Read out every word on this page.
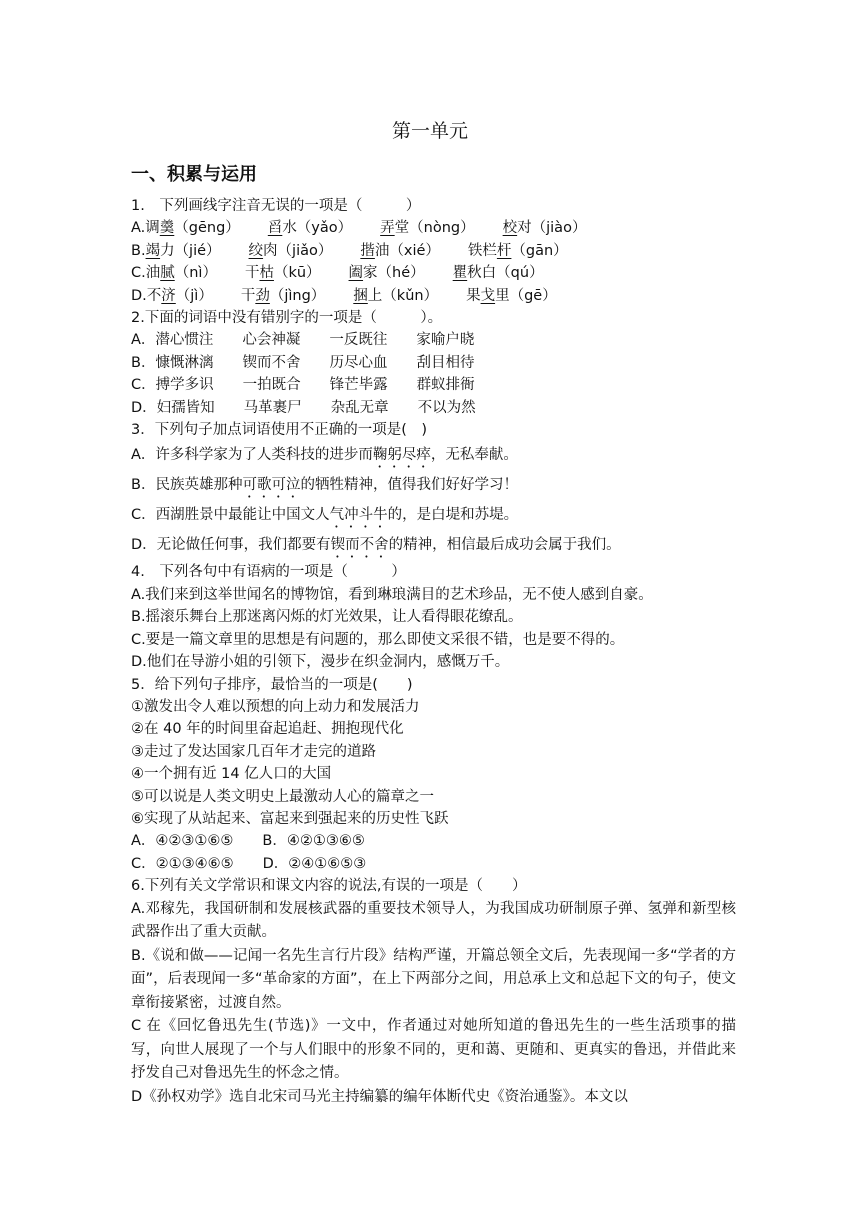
第一单元
一、积累与运用

1.　下列画线字注音无误的一项是（　　　）

A.调羹（gēng） 舀水（yǎo） 弄堂（nòng） 校对（jiào）

B.竭力（jié） 绞肉（jiǎo） 揩油（xié） 铁栏杆（gān）

C.油腻（nì） 干枯（kū） 阖家（hé） 瞿秋白（qú）

D.不济（jì） 干劲（jìng） 捆上（kǔn） 果戈里（gē）

2.下面的词语中没有错别字的一项是（　　　）。

A．潜心惯注　　心会神凝　　一反既往　　家喻户晓

B．慷慨淋漓　　锲而不舍　　历尽心血　　刮目相待

C．搏学多识　　一拍既合　　锋芒毕露　　群蚁排衙

D．妇孺皆知　　马革裹尸　　杂乱无章　　不以为然

3．下列句子加点词语使用不正确的一项是(　)

A．许多科学家为了人类科技的进步而鞠躬尽瘁，无私奉献。

B．民族英雄那种可歌可泣的牺牲精神，值得我们好好学习！

C．西湖胜景中最能让中国文人气冲斗牛的，是白堤和苏堤。

D．无论做任何事，我们都要有锲而不舍的精神，相信最后成功会属于我们。

4.　下列各句中有语病的一项是（　　　）

A.我们来到这举世闻名的博物馆，看到琳琅满目的艺术珍品，无不使人感到自豪。

B.摇滚乐舞台上那迷离闪烁的灯光效果，让人看得眼花缭乱。

C.要是一篇文章里的思想是有问题的，那么即使文采很不错，也是要不得的。

D.他们在导游小姐的引领下，漫步在织金洞内，感慨万千。

5．给下列句子排序，最恰当的一项是(　　)

①激发出令人难以预想的向上动力和发展活力

②在 40 年的时间里奋起追赶、拥抱现代化

③走过了发达国家几百年才走完的道路

④一个拥有近 14 亿人口的大国

⑤可以说是人类文明史上最激动人心的篇章之一

⑥实现了从站起来、富起来到强起来的历史性飞跃

A．④②③①⑥⑤　　B．④②①③⑥⑤

C．②①③④⑥⑤　　D．②④①⑥⑤③

6.下列有关文学常识和课文内容的说法,有误的一项是（　　）

A.邓稼先，我国研制和发展核武器的重要技术领导人，为我国成功研制原子弹、氢弹和新型核武器作出了重大贡献。

B.《说和做——记闻一名先生言行片段》结构严谨，开篇总领全文后，先表现闻一多“学者的方面”，后表现闻一多“革命家的方面”，在上下两部分之间，用总承上文和总起下文的句子，使文章衔接紧密，过渡自然。

C 在《回忆鲁迅先生(节选)》一文中，作者通过对她所知道的鲁迅先生的一些生活琐事的描写，向世人展现了一个与人们眼中的形象不同的，更和蔼、更随和、更真实的鲁迅，并借此来抒发自己对鲁迅先生的怀念之情。

D《孙权劝学》选自北宋司马光主持编纂的编年体断代史《资治通鉴》。本文以
